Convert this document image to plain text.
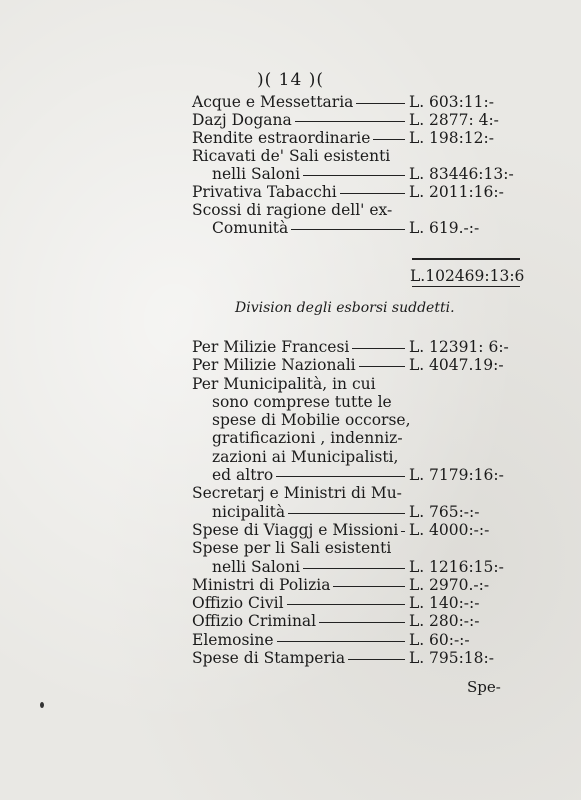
)( 14 )(
Acque e Messettaria	L. 603:11:-
Dazj Dogana	L. 2877: 4:-
Rendite estraordinarie L. 198:12:-
Ricavati de' Sali esistenti
nelli Saloni	L. 83446:13:-
Privativa Tabacchi	L. 2011:16:-
Scossi di ragione dell' ex-
Comunità	L. 619.-:-
L.102469:13:6
Division degli esborsi suddetti.
Per Milizie Francesi	L. 12391: 6:-
Per Milizie Nazionali	L. 4047.19:-
Per Municipalità, in cui
sono comprese tutte le
spese di Mobilie occorse,
gratificazioni , indenniz-
zazioni ai Municipalisti,
ed altro	L. 7179:16:-
Secretarj e Ministri di Mu-
nicipalità	L. 765:-:-
Spese di Viaggj e Missioni L. 4000:-:-
Spese per li Sali esistenti
nelli Saloni	L. 1216:15:-
Ministri di Polizia	L. 2970.-:-
Offizio Civil	L. 140:-:-
Offizio Criminal	L. 280:-:-
Elemosine	L. 60:-:-
Spese di Stamperia	L. 795:18:-
Spe-
